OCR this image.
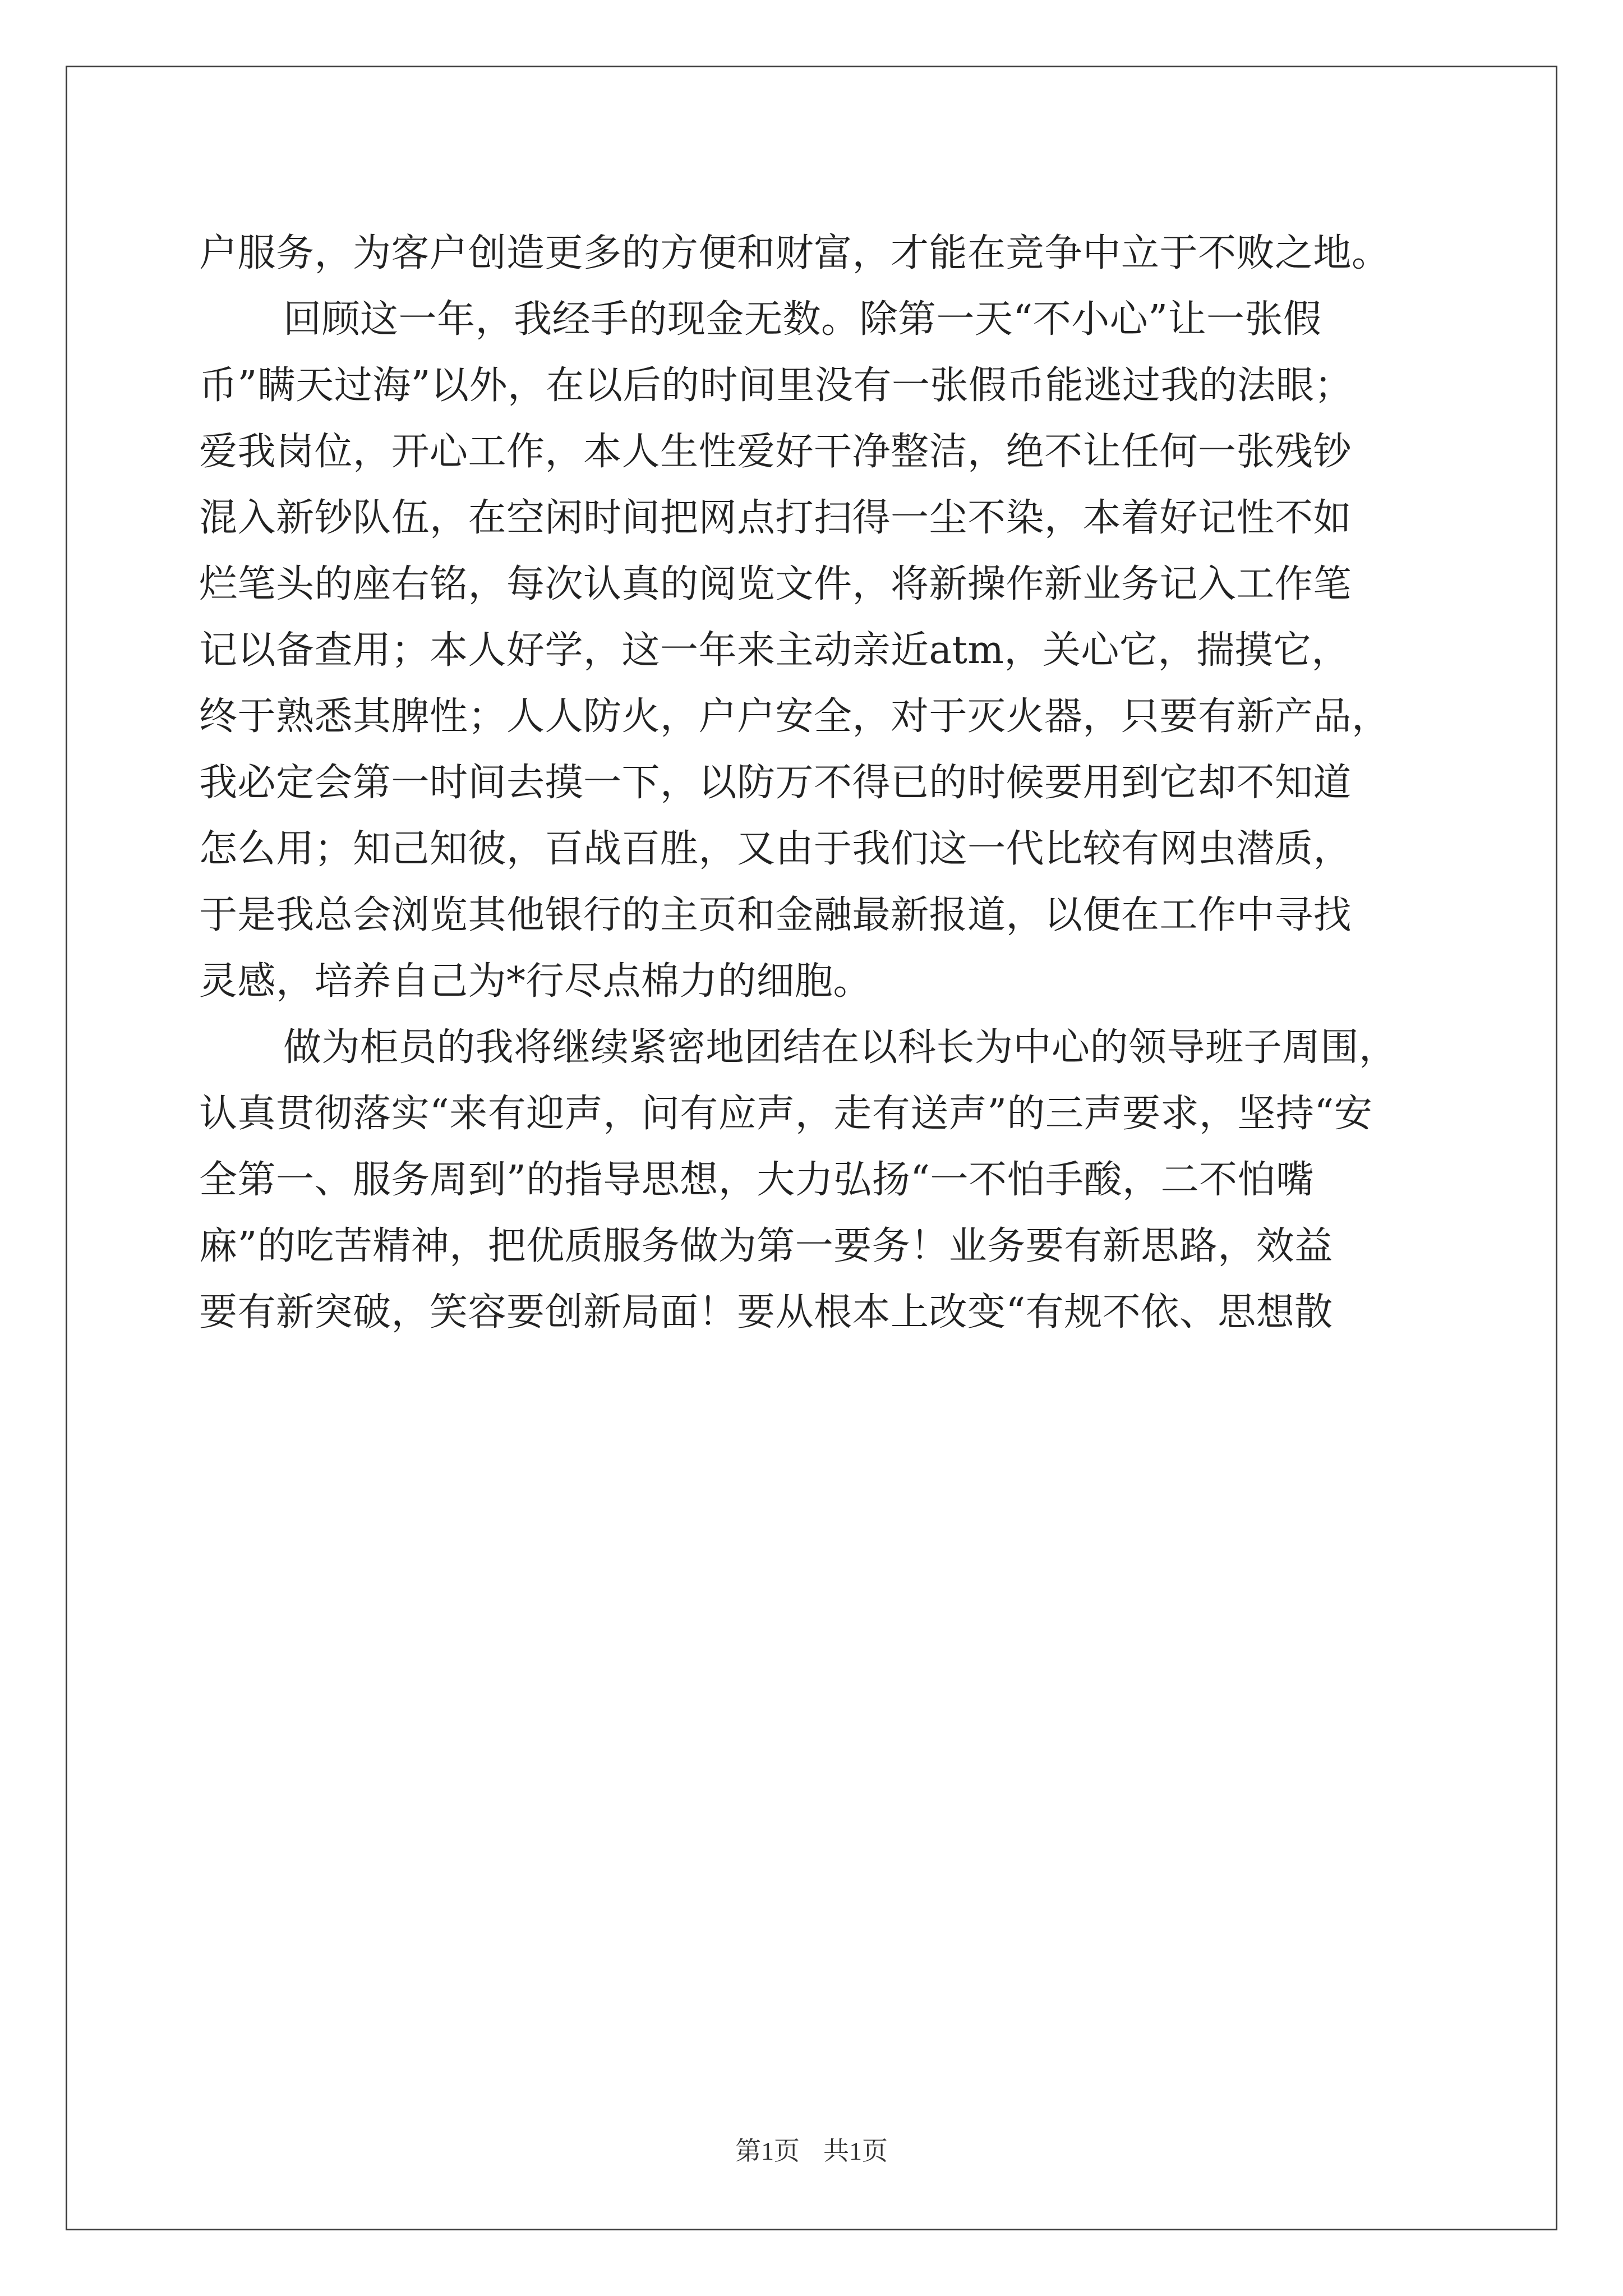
户服务，为客户创造更多的方便和财富，才能在竞争中立于不败之地。
回顾这一年，我经手的现金无数。除第一天“不小心”让一张假
币”瞒天过海”以外，在以后的时间里没有一张假币能逃过我的法眼；
爱我岗位，开心工作，本人生性爱好干净整洁，绝不让任何一张残钞
混入新钞队伍，在空闲时间把网点打扫得一尘不染，本着好记性不如
烂笔头的座右铭，每次认真的阅览文件，将新操作新业务记入工作笔
记以备查用；本人好学，这一年来主动亲近atm，关心它，揣摸它，
终于熟悉其脾性；人人防火，户户安全，对于灭火器，只要有新产品，
我必定会第一时间去摸一下，以防万不得已的时候要用到它却不知道
怎么用；知己知彼，百战百胜，又由于我们这一代比较有网虫潜质，
于是我总会浏览其他银行的主页和金融最新报道，以便在工作中寻找
灵感，培养自己为*行尽点棉力的细胞。
做为柜员的我将继续紧密地团结在以科长为中心的领导班子周围，
认真贯彻落实“来有迎声，问有应声，走有送声”的三声要求，坚持“安
全第一、服务周到”的指导思想，大力弘扬“一不怕手酸，二不怕嘴
麻”的吃苦精神，把优质服务做为第一要务！业务要有新思路，效益
要有新突破，笑容要创新局面！要从根本上改变“有规不依、思想散
第1页 共1页
